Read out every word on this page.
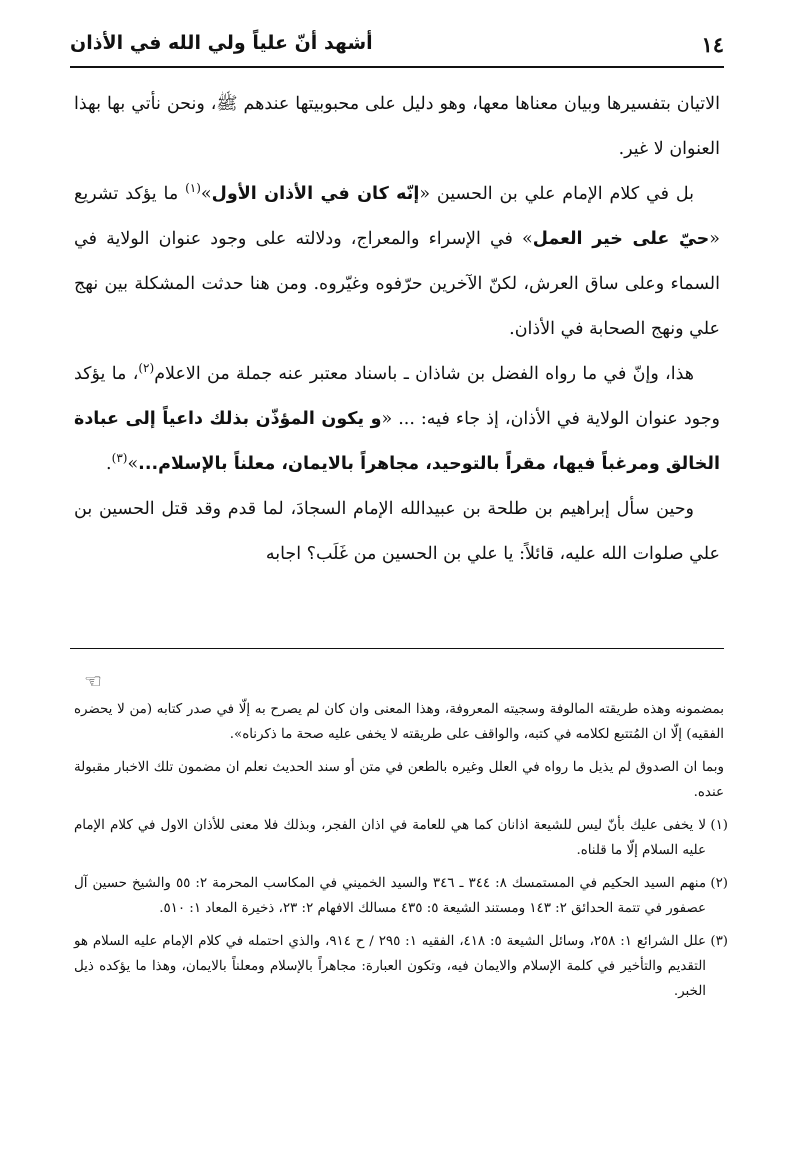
١٤
أشهد أنّ علياً ولي الله في الأذان

الاتيان بتفسيرها وبيان معناها معها، وهو دليل على محبوبيتها عندهم ﷺ، ونحن نأتي بها بهذا العنوان لا غير.

بل في كلام الإمام علي بن الحسين «إنّه كان في الأذان الأول»$^{(١)}$ ما يؤكد تشريع «حيّ على خير العمل» في الإسراء والمعراج، ودلالته على وجود عنوان الولاية في السماء وعلى ساق العرش، لكنّ الآخرين حرّفوه وغيّروه. ومن هنا حدثت المشكلة بين نهج علي ونهج الصحابة في الأذان.

هذا، وإنّ في ما رواه الفضل بن شاذان ـ باسناد معتبر عنه جملة من الاعلام$^{(٢)}$، ما يؤكد وجود عنوان الولاية في الأذان، إذ جاء فيه: ... «و يكون المؤذّن بذلك داعياً إلى عبادة الخالق ومرغباً فيها، مقراً بالتوحيد، مجاهراً بالايمان، معلناً بالإسلام...»$^{(٣)}$.

وحين سأل إبراهيم بن طلحة بن عبيدالله الإمام السجادَ، لما قدم وقد قتل الحسين بن علي صلوات الله عليه، قائلاً: يا علي بن الحسين من غَلَب؟ اجابه

☜

بمضمونه وهذه طريقته المالوفة وسجيته المعروفة، وهذا المعنى وان كان لم يصرح به إلّا في صدر كتابه (من لا يحضره الفقيه) إلّا ان المُتتبع لكلامه في كتبه، والواقف على طريقته لا يخفى عليه صحة ما ذكرناه».

وبما ان الصدوق لم يذيل ما رواه في العلل وغيره بالطعن في متن أو سند الحديث نعلم ان مضمون تلك الاخبار مقبولة عنده.

(١)
لا يخفى عليك بأنّ ليس للشيعة اذانان كما هي للعامة في اذان الفجر، وبذلك فلا معنى للأذان الاول في كلام الإمام عليه السلام إلّا ما قلناه.

(٢)
منهم السيد الحكيم في المستمسك ٨: ٣٤٤ ـ ٣٤٦ والسيد الخميني في المكاسب المحرمة ٢: ٥٥ والشيخ حسين آل عصفور في تتمة الحدائق ٢: ١٤٣ ومستند الشيعة ٥: ٤٣٥ مسالك الافهام ٢: ٢٣، ذخيرة المعاد ١: ٥١٠.

(٣)
علل الشرائع ١: ٢٥٨، وسائل الشيعة ٥: ٤١٨، الفقيه ١: ٢٩٥ / ح ٩١٤، والذي احتمله في كلام الإمام عليه السلام هو التقديم والتأخير في كلمة الإسلام والايمان فيه، وتكون العبارة: مجاهراً بالإسلام ومعلناً بالايمان، وهذا ما يؤكده ذيل الخبر.
